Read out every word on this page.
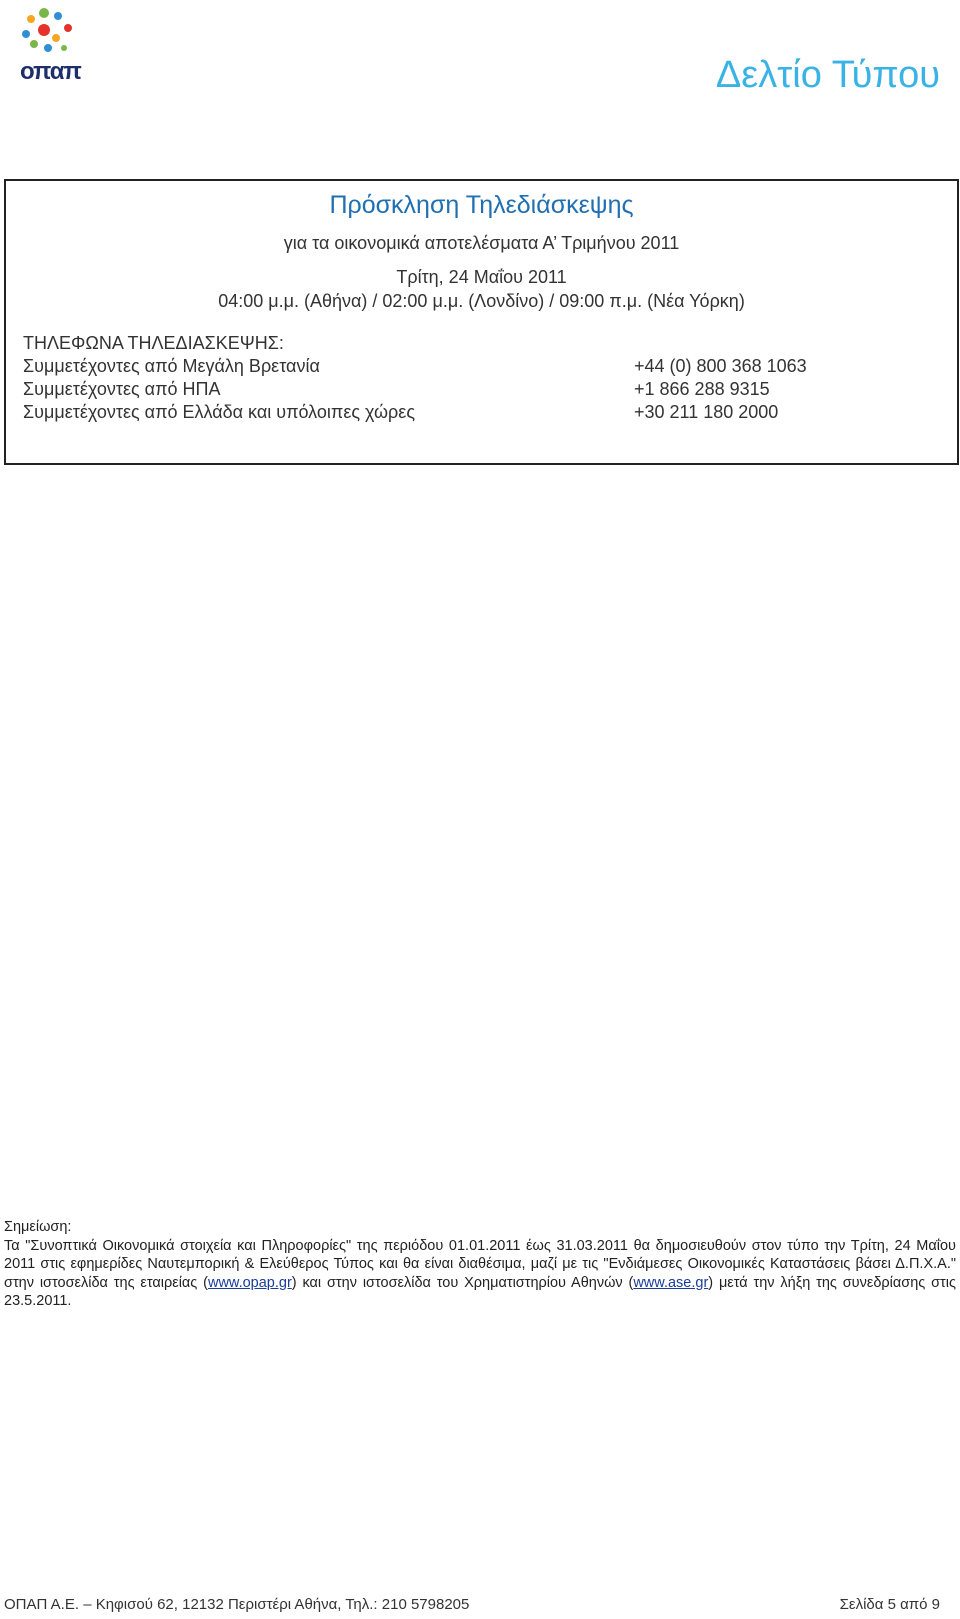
οπαπ	Δελτίο Τύπου
Πρόσκληση Τηλεδιάσκεψης
για τα οικονομικά αποτελέσματα Α’ Τριμήνου 2011
Τρίτη, 24 Μαΐου 2011
04:00 μ.μ. (Αθήνα) / 02:00 μ.μ. (Λονδίνο) / 09:00 π.μ. (Νέα Υόρκη)
ΤΗΛΕΦΩΝΑ ΤΗΛΕΔΙΑΣΚΕΨΗΣ:
Συμμετέχοντες από Μεγάλη Βρετανία	+44 (0) 800 368 1063
Συμμετέχοντες από ΗΠΑ	+1 866 288 9315
Συμμετέχοντες από Ελλάδα και υπόλοιπες χώρες	+30 211 180 2000
Σημείωση:

Τα "Συνοπτικά Οικονομικά στοιχεία και Πληροφορίες" της περιόδου 01.01.2011 έως 31.03.2011 θα δημοσιευθούν στον τύπο την Τρίτη, 24 Μαΐου 2011 στις εφημερίδες Ναυτεμπορική & Ελεύθερος Τύπος και θα είναι διαθέσιμα, μαζί με τις "Ενδιάμεσες Οικονομικές Καταστάσεις βάσει Δ.Π.Χ.Α." στην ιστοσελίδα της εταιρείας (www.opap.gr) και στην ιστοσελίδα του Χρηματιστηρίου Αθηνών (www.ase.gr) μετά την λήξη της συνεδρίασης στις 23.5.2011.

ΟΠΑΠ Α.Ε. – Κηφισού 62, 12132 Περιστέρι Αθήνα, Τηλ.: 210 5798205	Σελίδα 5 από 9
